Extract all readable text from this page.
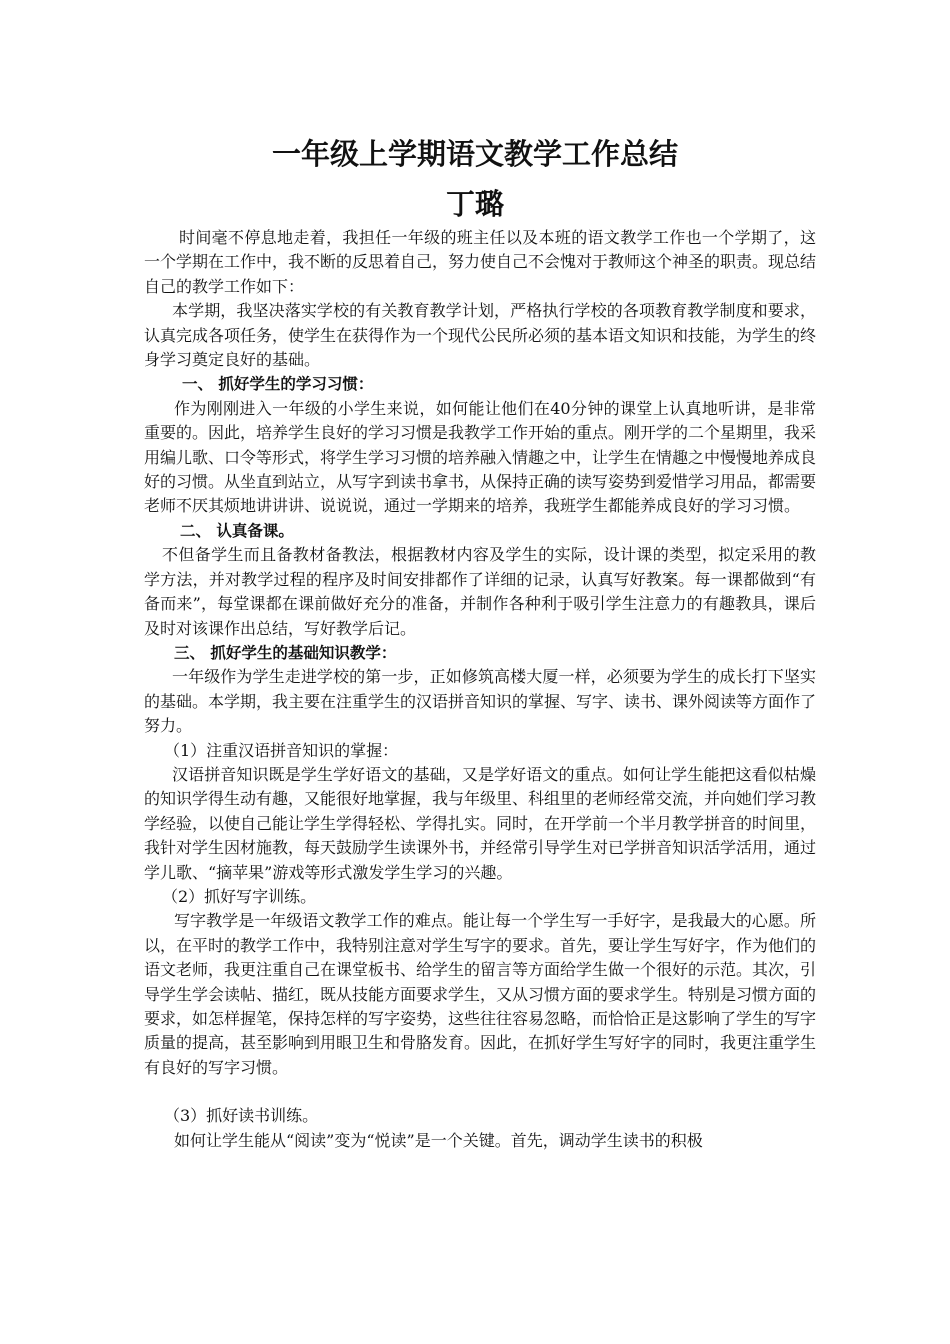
一年级上学期语文教学工作总结
丁璐

时间毫不停息地走着，我担任一年级的班主任以及本班的语文教学工作也一个学期了，这一个学期在工作中，我不断的反思着自己，努力使自己不会愧对于教师这个神圣的职责。现总结自己的教学工作如下：

本学期，我坚决落实学校的有关教育教学计划，严格执行学校的各项教育教学制度和要求，认真完成各项任务，使学生在获得作为一个现代公民所必须的基本语文知识和技能，为学生的终身学习奠定良好的基础。

一、 抓好学生的学习习惯：

作为刚刚进入一年级的小学生来说，如何能让他们在40分钟的课堂上认真地听讲，是非常重要的。因此，培养学生良好的学习习惯是我教学工作开始的重点。刚开学的二个星期里，我采用编儿歌、口令等形式，将学生学习习惯的培养融入情趣之中，让学生在情趣之中慢慢地养成良好的习惯。从坐直到站立，从写字到读书拿书，从保持正确的读写姿势到爱惜学习用品，都需要老师不厌其烦地讲讲讲、说说说，通过一学期来的培养，我班学生都能养成良好的学习习惯。

二、 认真备课。

不但备学生而且备教材备教法，根据教材内容及学生的实际，设计课的类型，拟定采用的教学方法，并对教学过程的程序及时间安排都作了详细的记录，认真写好教案。每一课都做到“有备而来”，每堂课都在课前做好充分的准备，并制作各种利于吸引学生注意力的有趣教具，课后及时对该课作出总结，写好教学后记。

三、 抓好学生的基础知识教学：

一年级作为学生走进学校的第一步，正如修筑高楼大厦一样，必须要为学生的成长打下坚实的基础。本学期，我主要在注重学生的汉语拼音知识的掌握、写字、读书、课外阅读等方面作了努力。

（1）注重汉语拼音知识的掌握：

汉语拼音知识既是学生学好语文的基础，又是学好语文的重点。如何让学生能把这看似枯燥的知识学得生动有趣，又能很好地掌握，我与年级里、科组里的老师经常交流，并向她们学习教学经验，以使自己能让学生学得轻松、学得扎实。同时，在开学前一个半月教学拼音的时间里，我针对学生因材施教，每天鼓励学生读课外书，并经常引导学生对已学拼音知识活学活用，通过学儿歌、“摘苹果”游戏等形式激发学生学习的兴趣。

（2）抓好写字训练。

写字教学是一年级语文教学工作的难点。能让每一个学生写一手好字，是我最大的心愿。所以，在平时的教学工作中，我特别注意对学生写字的要求。首先，要让学生写好字，作为他们的语文老师，我更注重自己在课堂板书、给学生的留言等方面给学生做一个很好的示范。其次，引导学生学会读帖、描红，既从技能方面要求学生，又从习惯方面的要求学生。特别是习惯方面的要求，如怎样握笔，保持怎样的写字姿势，这些往往容易忽略，而恰恰正是这影响了学生的写字质量的提高，甚至影响到用眼卫生和骨胳发育。因此，在抓好学生写好字的同时，我更注重学生有良好的写字习惯。

（3）抓好读书训练。

如何让学生能从“阅读”变为“悦读”是一个关键。首先，调动学生读书的积极
